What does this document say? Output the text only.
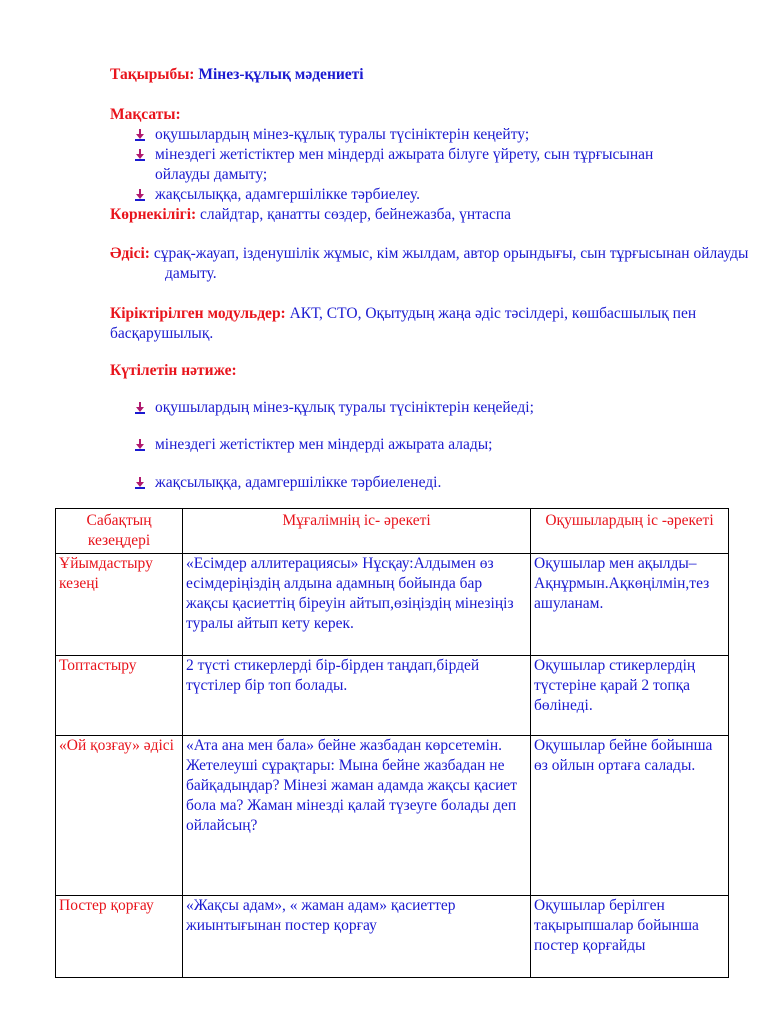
Тақырыбы: Мінез-құлық мәдениеті
Мақсаты:
оқушылардың мінез-құлық туралы түсініктерін кеңейту;
мінездегі жетістіктер мен міндерді ажырата білуге үйрету, сын тұрғысынан ойлауды дамыту;
жақсылыққа, адамгершілікке тәрбиелеу.
Көрнекілігі: слайдтар, қанатты сөздер, бейнежазба, үнтаспа
Әдісі: сұрақ-жауап, ізденушілік жұмыс, кім жылдам, автор орындығы, сын тұрғысынан ойлауды дамыту.
Кіріктірілген модульдер: АКТ, СТО, Оқытудың жаңа әдіс тәсілдері, көшбасшылық пен басқарушылық.
Күтілетін нәтиже:
оқушылардың мінез-құлық туралы түсініктерін кеңейеді;
мінездегі жетістіктер мен міндерді ажырата алады;
жақсылыққа, адамгершілікке тәрбиеленеді.
Сабақтың кезеңдері	Мұғалімнің іс- әрекеті	Оқушылардың іс -әрекеті
Ұйымдастыру кезеңі	«Есімдер аллитерациясы» Нұсқау:Алдымен өз есімдеріңіздің алдына адамның бойында бар жақсы қасиеттің біреуін айтып,өзіңіздің мінезіңіз туралы айтып кету керек.	Оқушылар мен ақылды– Ақнұрмын.Ақкөңілмін,тез ашуланам.
Топтастыру	2 түсті стикерлерді бір-бірден таңдап,бірдей түстілер бір топ болады.	Оқушылар стикерлердің түстеріне қарай 2 топқа бөлінеді.
«Ой қозғау» әдісі	«Ата ана мен бала» бейне жазбадан көрсетемін. Жетелеуші сұрақтары: Мына бейне жазбадан не байқадыңдар? Мінезі жаман адамда жақсы қасиет бола ма? Жаман мінезді қалай түзеуге болады деп ойлайсың?	Оқушылар бейне бойынша өз ойлын ортаға салады.
Постер қорғау	«Жақсы адам», « жаман адам» қасиеттер жиынтығынан постер қорғау	Оқушылар берілген тақырыпшалар бойынша постер қорғайды
